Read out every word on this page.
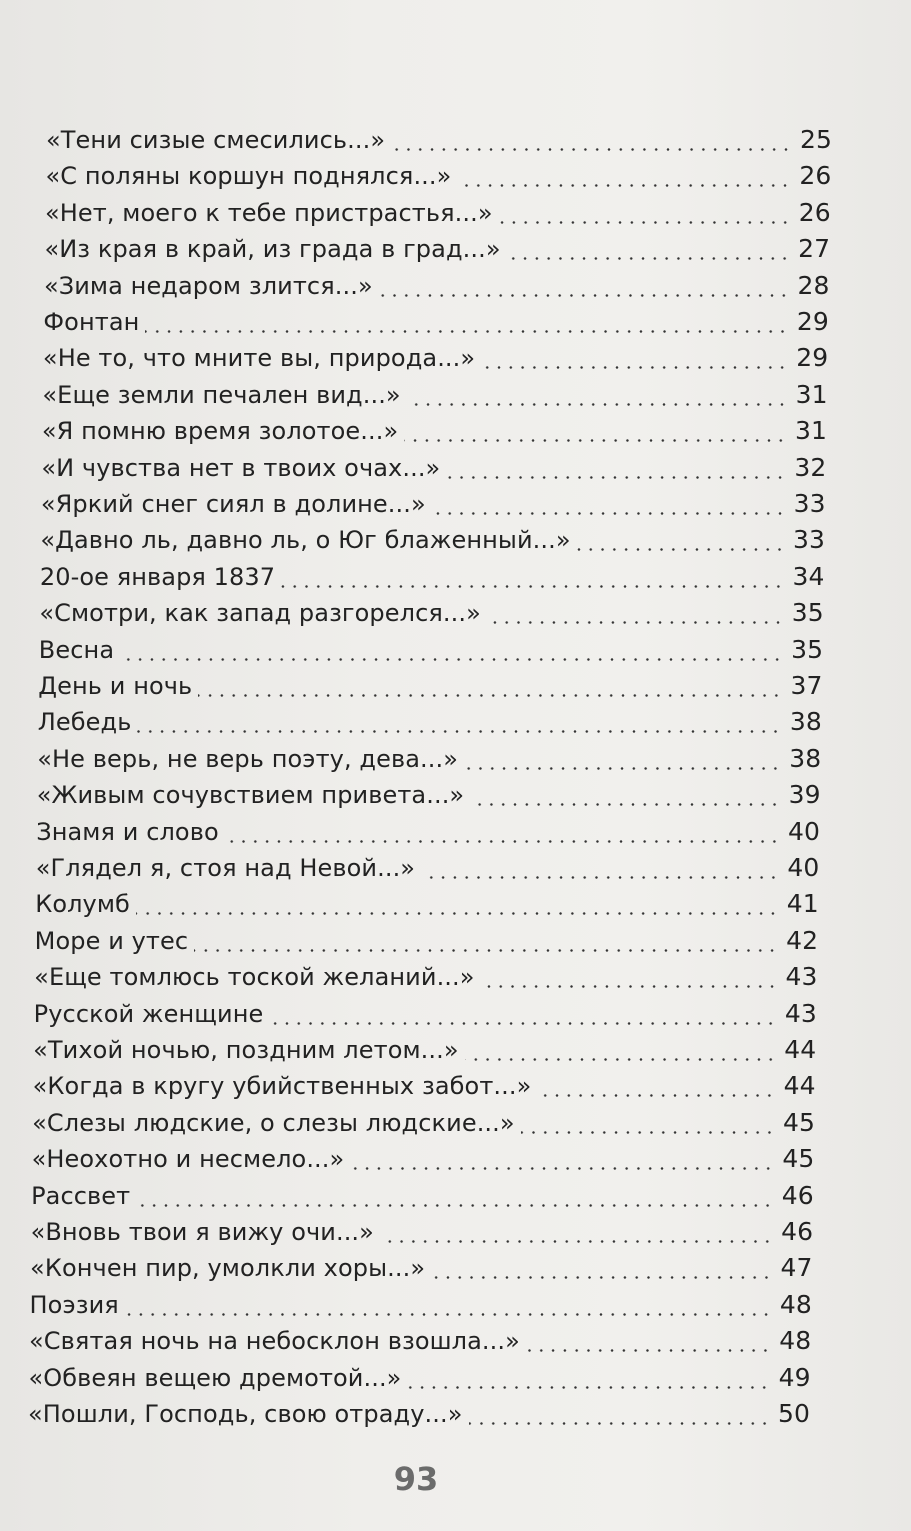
«Тени сизые смесились...»	25
«С поляны коршун поднялся...»	26
«Нет, моего к тебе пристрастья...»	26
«Из края в край, из града в град...»	27
«Зима недаром злится...»	28
Фонтан	29
«Не то, что мните вы, природа...»	29
«Еще земли печален вид...»	31
«Я помню время золотое...»	31
«И чувства нет в твоих очах...»	32
«Яркий снег сиял в долине...»	33
«Давно ль, давно ль, о Юг блаженный...»	33
20-ое января 1837	34
«Смотри, как запад разгорелся...»	35
Весна	35
День и ночь	37
Лебедь	38
«Не верь, не верь поэту, дева...»	38
«Живым сочувствием привета...»	39
Знамя и слово	40
«Глядел я, стоя над Невой...»	40
Колумб	41
Море и утес	42
«Еще томлюсь тоской желаний...»	43
Русской женщине	43
«Тихой ночью, поздним летом...»	44
«Когда в кругу убийственных забот...»	44
«Слезы людские, о слезы людские...»	45
«Неохотно и несмело...»	45
Рассвет	46
«Вновь твои я вижу очи...»	46
«Кончен пир, умолкли хоры...»	47
Поэзия	48
«Святая ночь на небосклон взошла...»	48
«Обвеян вещею дремотой...»	49
«Пошли, Господь, свою отраду...»	50
93
